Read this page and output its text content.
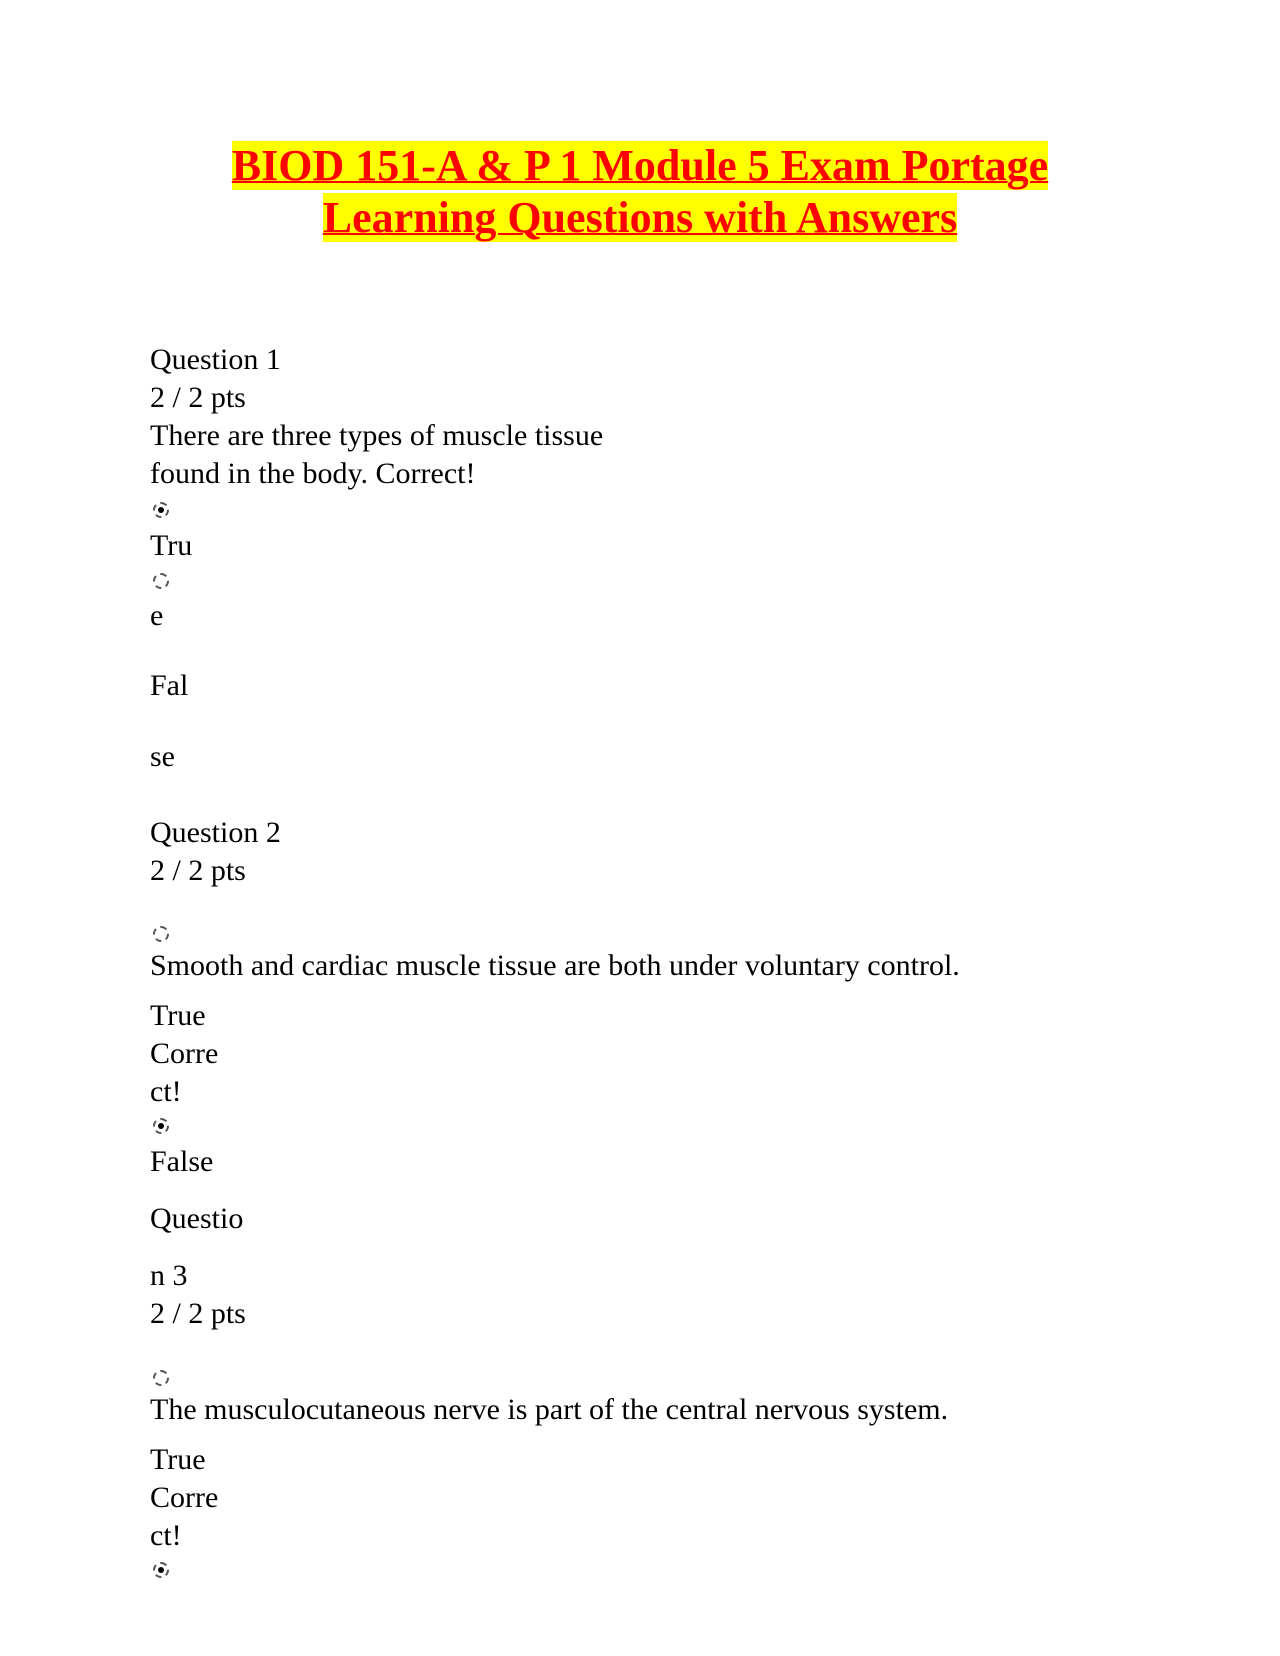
BIOD 151-A & P 1 Module 5 Exam Portage
Learning Questions with Answers
Question 1
2 / 2 pts
There are three types of muscle tissue
found in the body. Correct!
Tru
e
Fal
se
Question 2
2 / 2 pts
Smooth and cardiac muscle tissue are both under voluntary control.
True
Corre
ct!
False
Questio
n 3
2 / 2 pts
The musculocutaneous nerve is part of the central nervous system.
True
Corre
ct!
